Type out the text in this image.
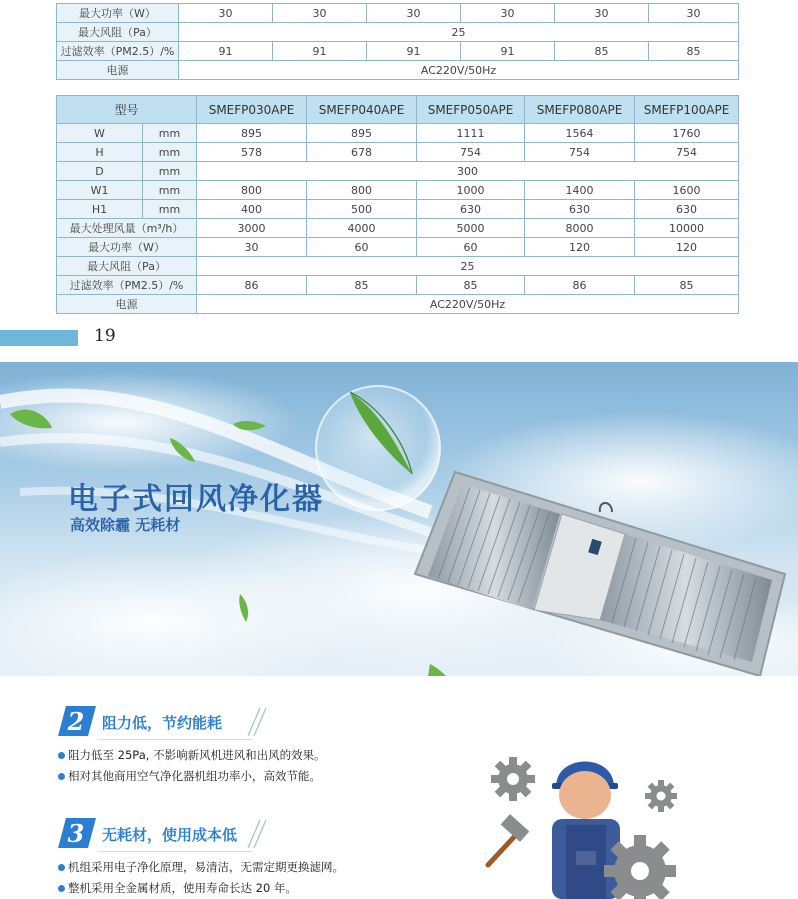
最大功率（W）	30	30	30	30	30	30
最大风阻（Pa）	25					
过滤效率（PM2.5）/%	91	91	91	91	85	85
电源	AC220V/50Hz					
型号		SMEFP030APE	SMEFP040APE	SMEFP050APE	SMEFP080APE	SMEFP100APE
W	mm	895	895	1111	1564	1760
H	mm	578	678	754	754	754
D	mm	300				
W1	mm	800	800	1000	1400	1600
H1	mm	400	500	630	630	630
最大处理风量（m³/h）		3000	4000	5000	8000	10000
最大功率（W）		30	60	60	120	120
最大风阻（Pa）		25				
过滤效率（PM2.5）/%		86	85	85	86	85
电源		AC220V/50Hz				
19
电子式回风净化器
高效除霾 无耗材
2 阻力低，节约能耗
阻力低至 25Pa, 不影响新风机进风和出风的效果。
相对其他商用空气净化器机组功率小，高效节能。
3 无耗材，使用成本低
机组采用电子净化原理，易清洁，无需定期更换滤网。
整机采用全金属材质，使用寿命长达 20 年。
